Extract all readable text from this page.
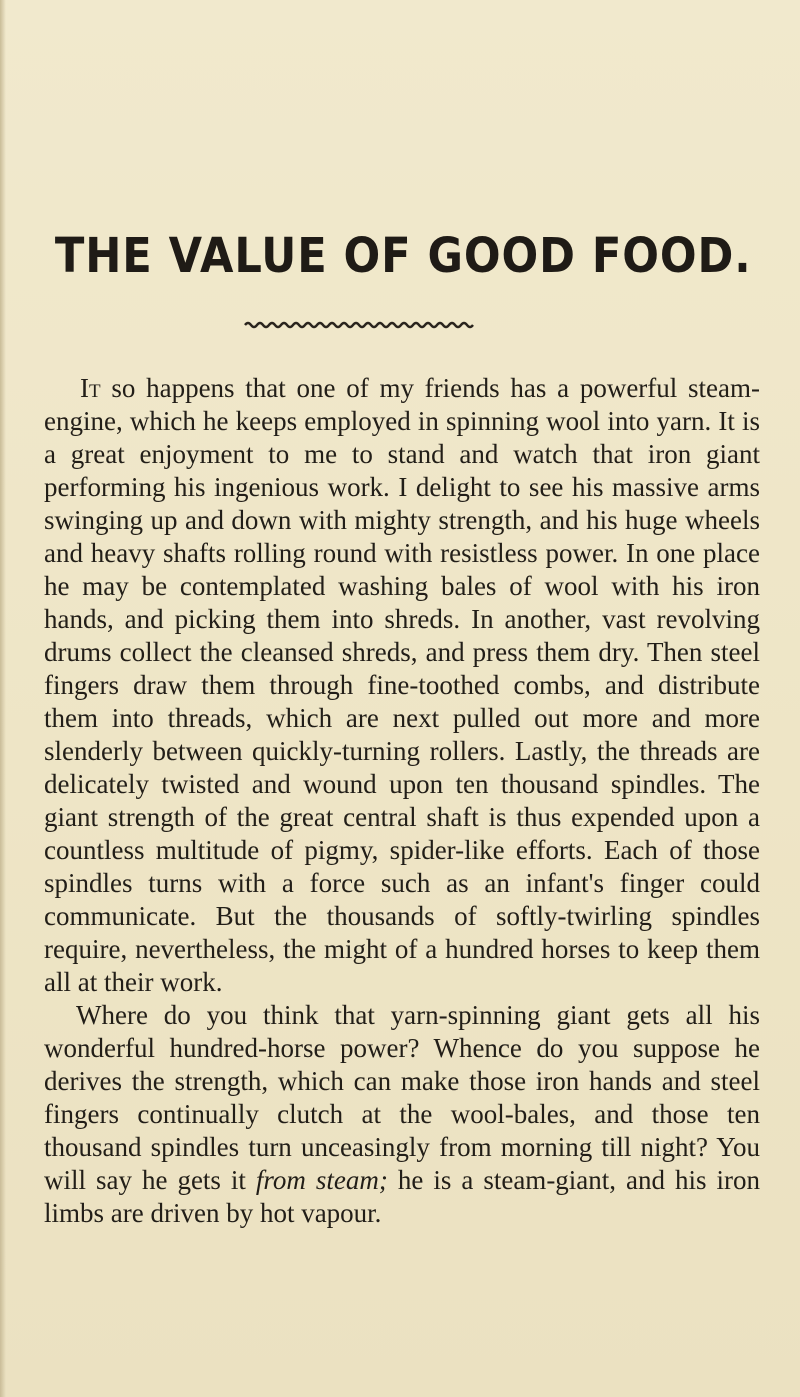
THE VALUE OF GOOD FOOD.

It so happens that one of my friends has a powerful steam-engine, which he keeps employed in spinning wool into yarn. It is a great enjoyment to me to stand and watch that iron giant performing his ingenious work. I delight to see his massive arms swinging up and down with mighty strength, and his huge wheels and heavy shafts rolling round with resistless power. In one place he may be contemplated washing bales of wool with his iron hands, and picking them into shreds. In another, vast revolving drums collect the cleansed shreds, and press them dry. Then steel fingers draw them through fine-toothed combs, and distribute them into threads, which are next pulled out more and more slenderly between quickly-turning rollers. Lastly, the threads are delicately twisted and wound upon ten thousand spindles. The giant strength of the great central shaft is thus expended upon a countless multitude of pigmy, spider-like efforts. Each of those spindles turns with a force such as an infant's finger could communicate. But the thousands of softly-twirling spindles require, nevertheless, the might of a hundred horses to keep them all at their work.

Where do you think that yarn-spinning giant gets all his wonderful hundred-horse power? Whence do you suppose he derives the strength, which can make those iron hands and steel fingers continually clutch at the wool-bales, and those ten thousand spindles turn unceasingly from morning till night? You will say he gets it from steam; he is a steam-giant, and his iron limbs are driven by hot vapour.
